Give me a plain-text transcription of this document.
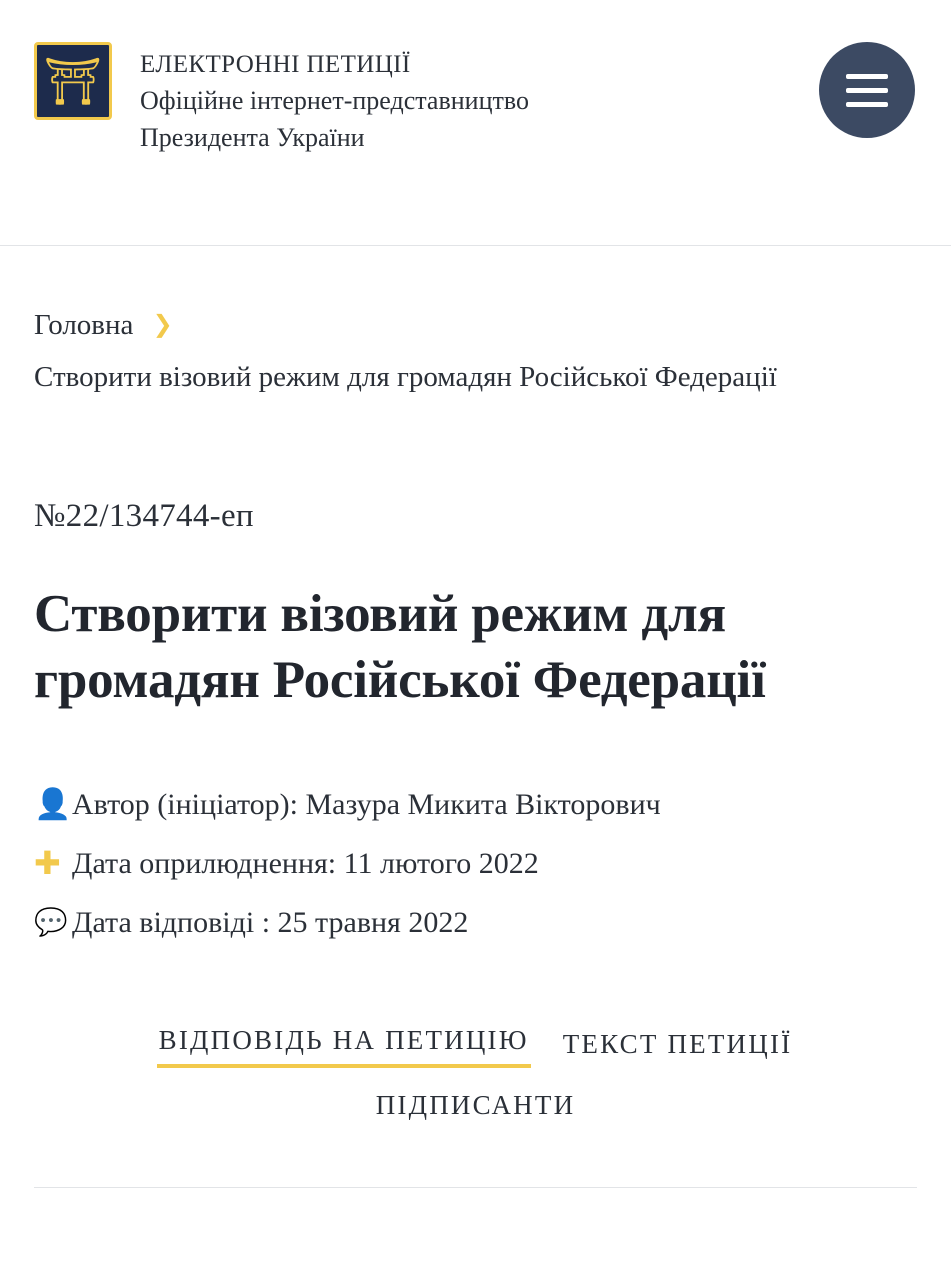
⛩ ЕЛЕКТРОННІ ПЕТИЦІЇ
Офіційне інтернет-представництво
Президента України
Головна ❯
Створити візовий режим для громадян Російської Федерації
№22/134744-еп
Створити візовий режим для громадян Російської Федерації
👤 Автор (ініціатор): Мазура Микита Вікторович
✚ Дата оприлюднення: 11 лютого 2022
💬 Дата відповіді : 25 травня 2022
ВІДПОВІДЬ НА ПЕТИЦІЮ ТЕКСТ ПЕТИЦІЇ
ПІДПИСАНТИ
